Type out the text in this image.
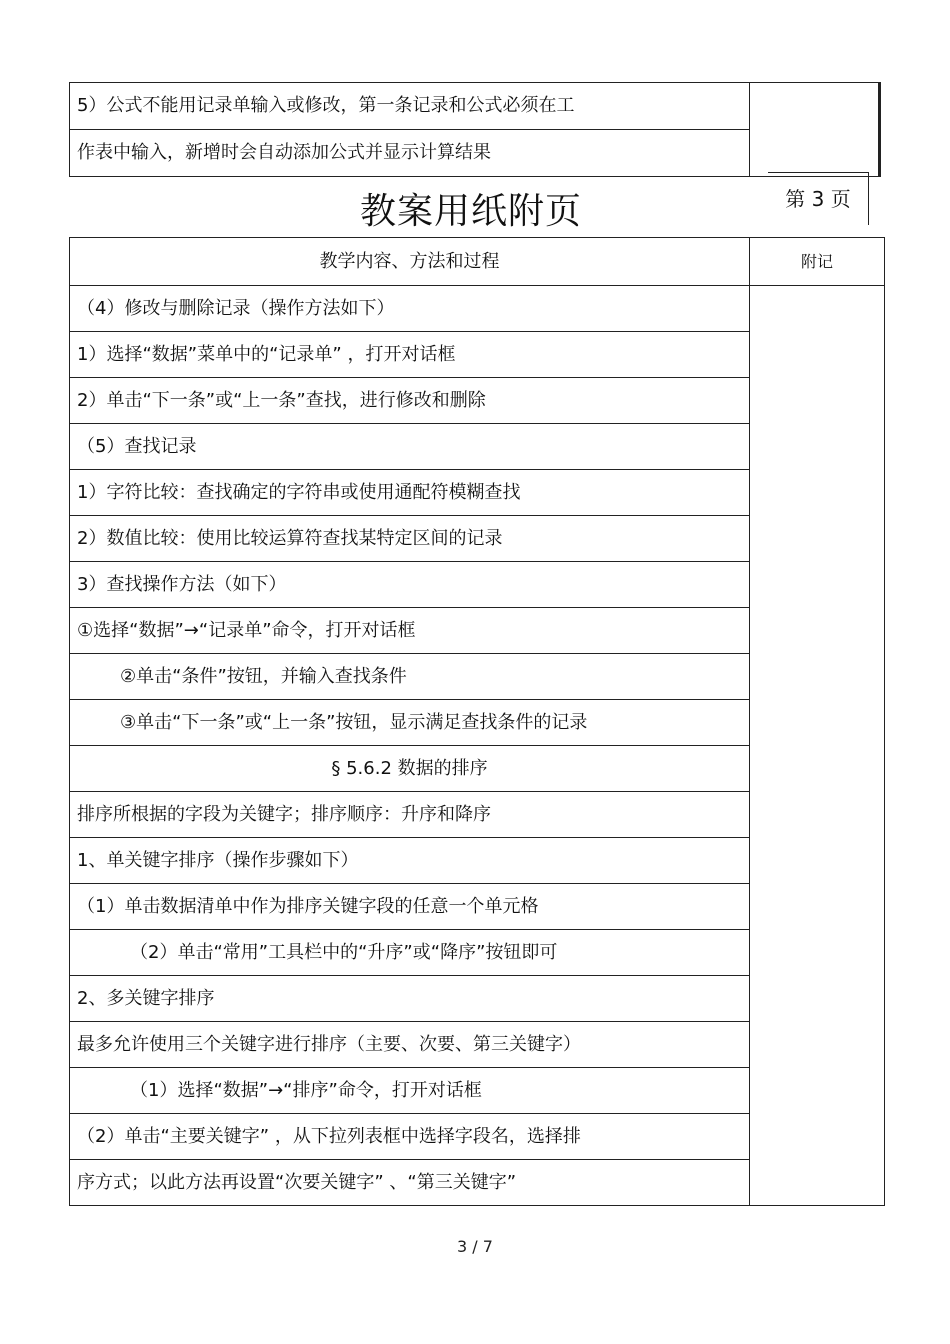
5）公式不能用记录单输入或修改，第一条记录和公式必须在工	
作表中输入，新增时会自动添加公式并显示计算结果
教案用纸附页	第 3 页
教学内容、方法和过程	附记
（4）修改与删除记录（操作方法如下）	
1）选择“数据”菜单中的“记录单” ，打开对话框	
2）单击“下一条”或“上一条”查找，进行修改和删除	
（5）查找记录	
1）字符比较：查找确定的字符串或使用通配符模糊查找	
2）数值比较：使用比较运算符查找某特定区间的记录	
3）查找操作方法（如下）	
①选择“数据”→“记录单”命令，打开对话框	
②单击“条件”按钮，并输入查找条件	
③单击“下一条”或“上一条”按钮，显示满足查找条件的记录	
§ 5.6.2 数据的排序	
排序所根据的字段为关键字；排序顺序：升序和降序	
1、单关键字排序（操作步骤如下）	
（1）单击数据清单中作为排序关键字段的任意一个单元格	
（2）单击“常用”工具栏中的“升序”或“降序”按钮即可	
2、多关键字排序	
最多允许使用三个关键字进行排序（主要、次要、第三关键字）	
（1）选择“数据”→“排序”命令，打开对话框	
（2）单击“主要关键字” ，从下拉列表框中选择字段名，选择排	
序方式；以此方法再设置“次要关键字” 、“第三关键字”	
3 / 7
